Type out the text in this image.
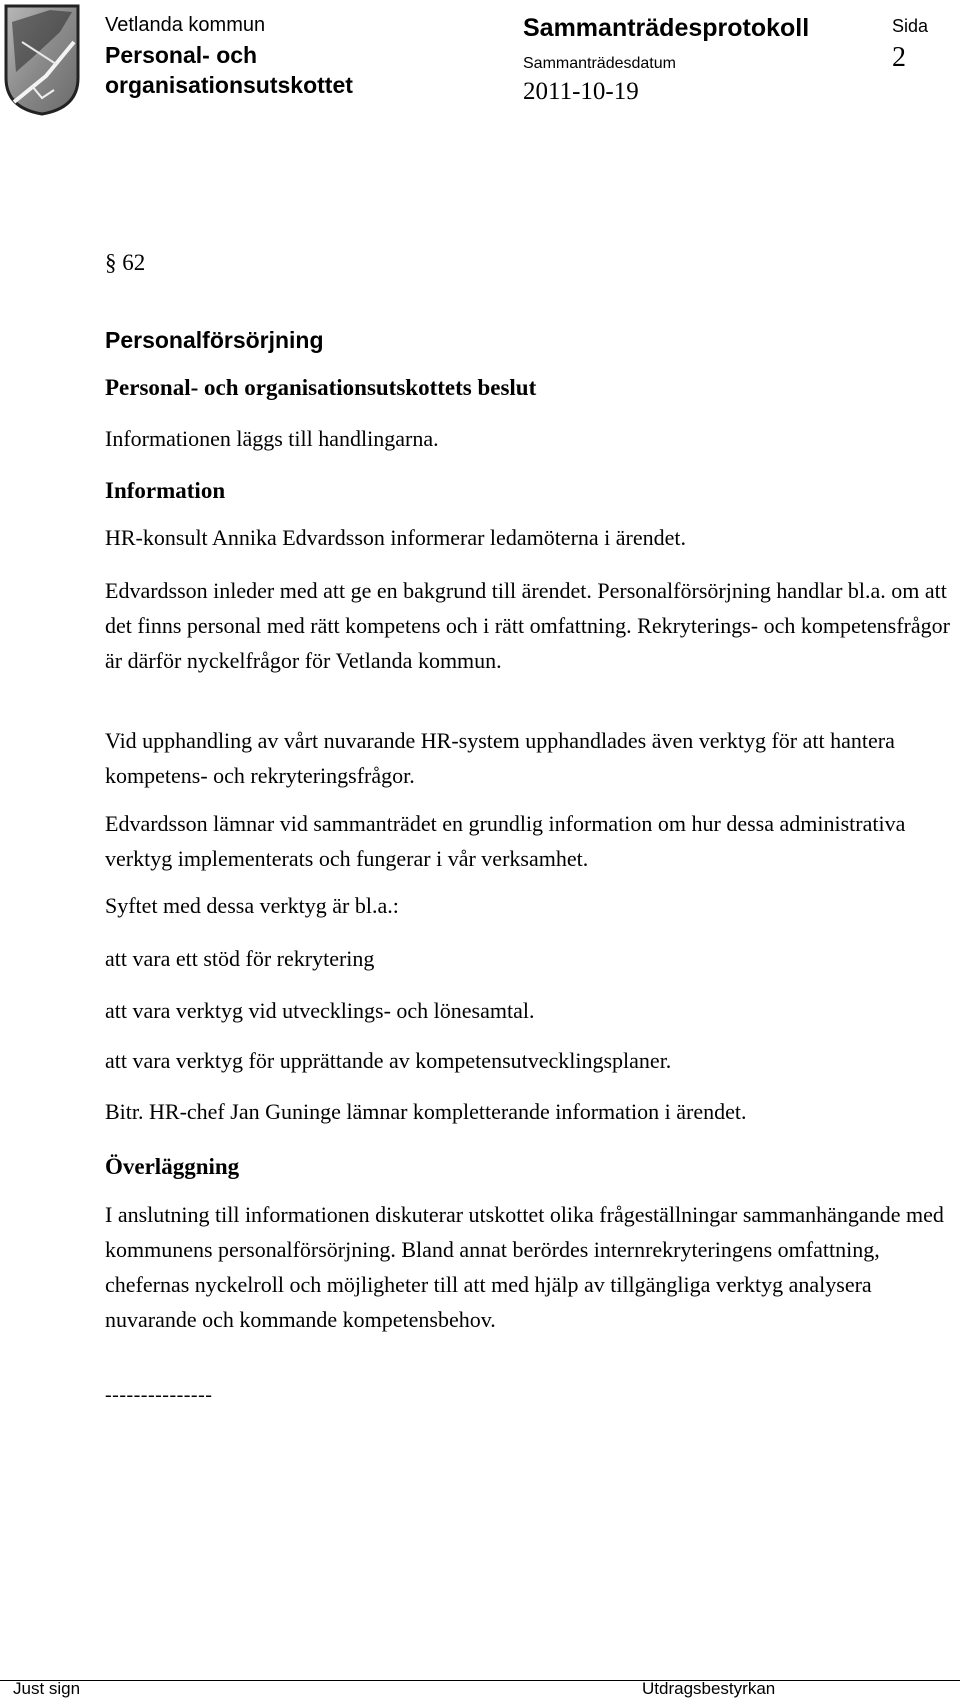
Vetlanda kommun
Personal- och organisationsutskottet
Sammanträdesprotokoll
Sammanträdesdatum
2011-10-19
Sida
2
§ 62
Personalförsörjning
Personal- och organisationsutskottets beslut

Informationen läggs till handlingarna.

Information

HR-konsult Annika Edvardsson informerar ledamöterna i ärendet.

Edvardsson inleder med att ge en bakgrund till ärendet. Personalförsörjning handlar bl.a. om att det finns personal med rätt kompetens och i rätt omfattning. Rekryterings- och kompetensfrågor är därför nyckelfrågor för Vetlanda kommun.

Vid upphandling av vårt nuvarande HR-system upphandlades även verktyg för att hantera kompetens- och rekryteringsfrågor.

Edvardsson lämnar vid sammanträdet en grundlig information om hur dessa administrativa verktyg implementerats och fungerar i vår verksamhet.

Syftet med dessa verktyg är bl.a.:

att vara ett stöd för rekrytering

att vara verktyg vid utvecklings- och lönesamtal.

att vara verktyg för upprättande av kompetensutvecklingsplaner.

Bitr. HR-chef Jan Guninge lämnar kompletterande information i ärendet.

Överläggning

I anslutning till informationen diskuterar utskottet olika frågeställningar sammanhängande med kommunens personalförsörjning. Bland annat berördes internrekryteringens omfattning, chefernas nyckelroll och möjligheter till att med hjälp av tillgängliga verktyg analysera nuvarande och kommande kompetensbehov.

---------------
Just sign	Utdragsbestyrkan
